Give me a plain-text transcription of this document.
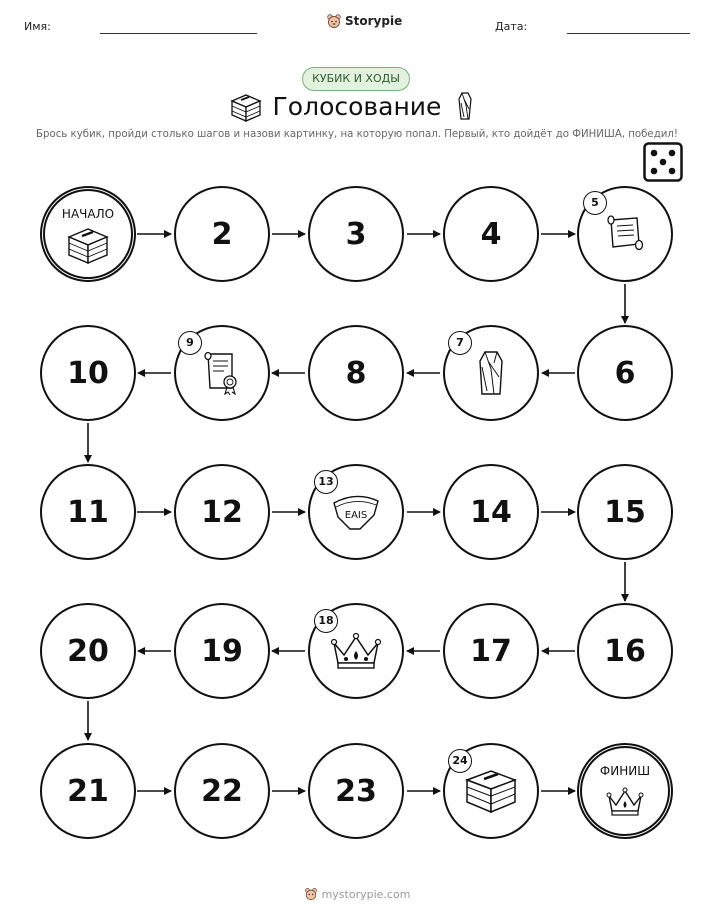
Имя:	Storypie	Дата:
КУБИК И ХОДЫ
Голосование
Брось кубик, пройди столько шагов и назови картинку, на которую попал. Первый, кто дойдёт до ФИНИША, победил!
НАЧАЛО
2	3	4
5
10
9
8
7
6
11	12	EAIS
13
14	15
20	19
18
17	16
21	22	23
24
ФИНИШ
mystorypie.com
